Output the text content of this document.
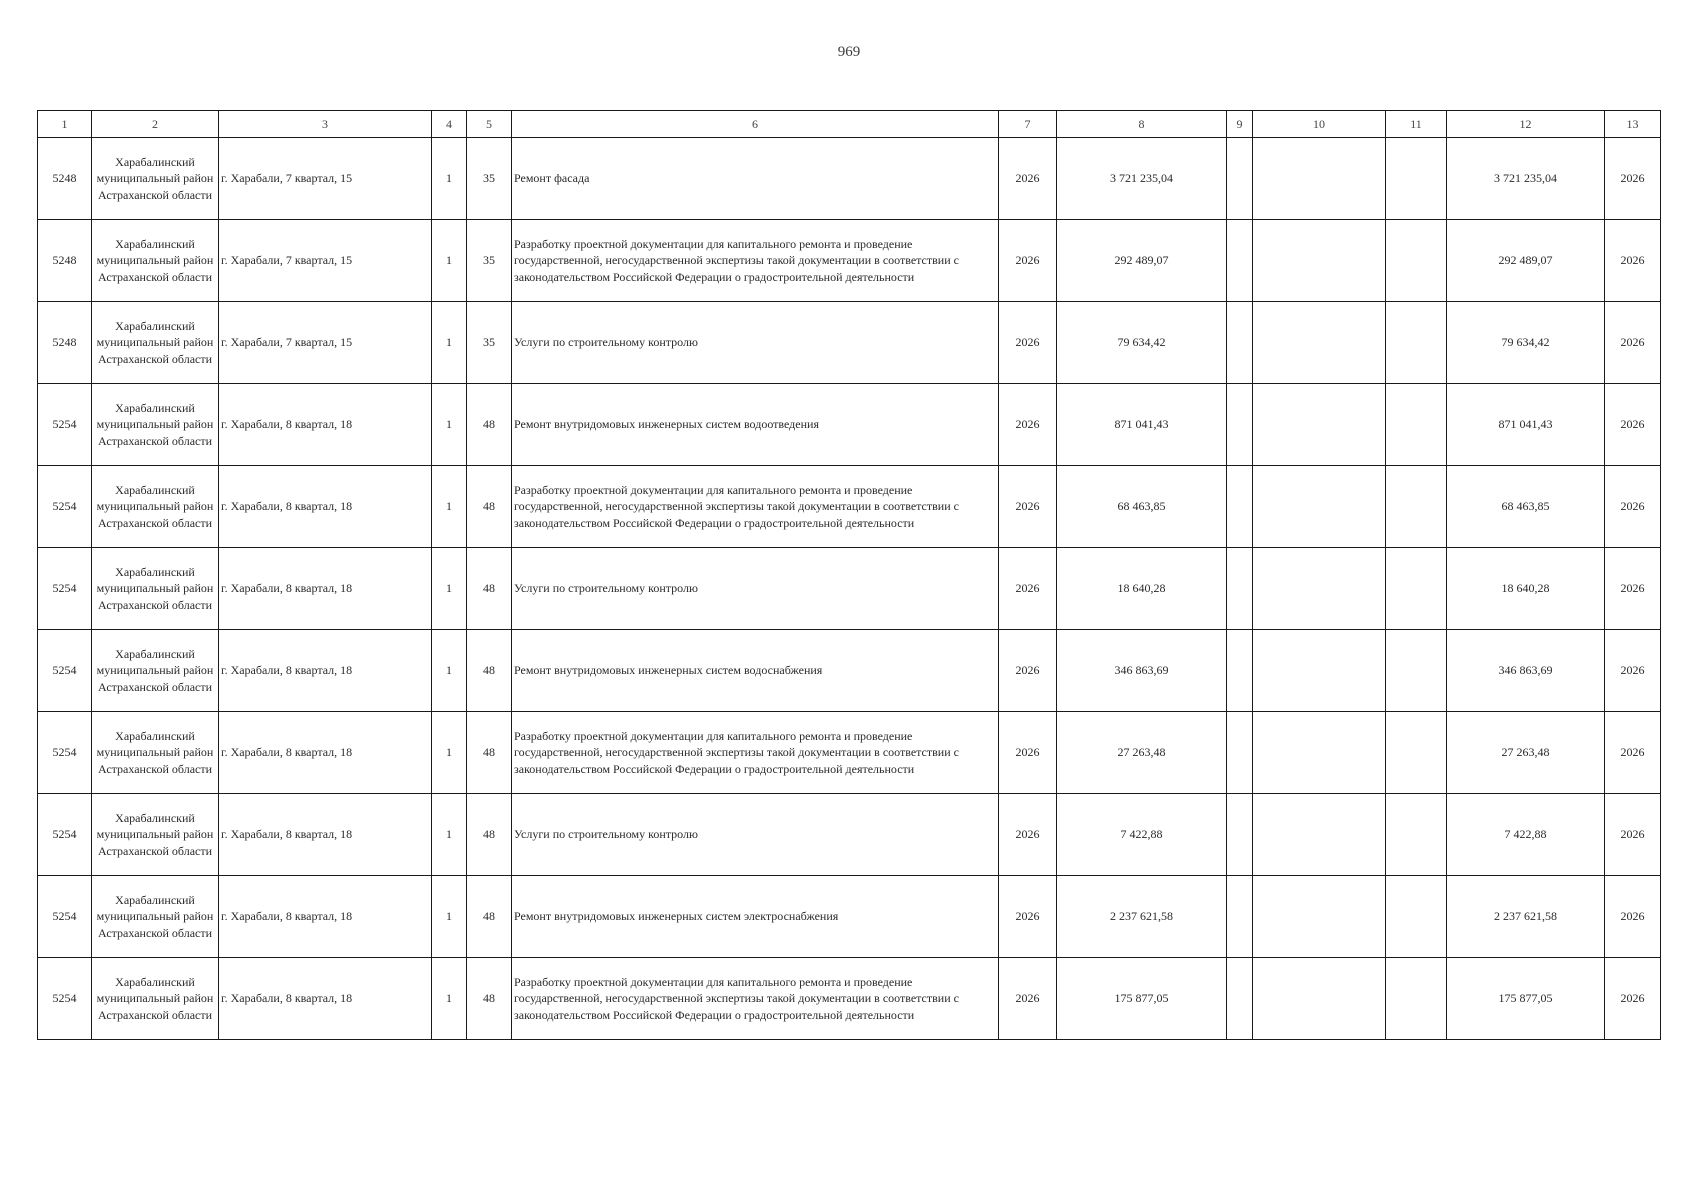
969
1	2	3	4	5	6	7	8	9	10	11	12	13
5248	Харабалинский муниципальный район Астраханской области	г. Харабали, 7 квартал, 15	1	35	Ремонт фасада	2026	3 721 235,04				3 721 235,04	2026
5248	Харабалинский муниципальный район Астраханской области	г. Харабали, 7 квартал, 15	1	35	Разработку проектной документации для капитального ремонта и проведение государственной, негосударственной экспертизы такой документации в соответствии с законодательством Российской Федерации о градостроительной деятельности	2026	292 489,07				292 489,07	2026
5248	Харабалинский муниципальный район Астраханской области	г. Харабали, 7 квартал, 15	1	35	Услуги по строительному контролю	2026	79 634,42				79 634,42	2026
5254	Харабалинский муниципальный район Астраханской области	г. Харабали, 8 квартал, 18	1	48	Ремонт внутридомовых инженерных систем водоотведения	2026	871 041,43				871 041,43	2026
5254	Харабалинский муниципальный район Астраханской области	г. Харабали, 8 квартал, 18	1	48	Разработку проектной документации для капитального ремонта и проведение государственной, негосударственной экспертизы такой документации в соответствии с законодательством Российской Федерации о градостроительной деятельности	2026	68 463,85				68 463,85	2026
5254	Харабалинский муниципальный район Астраханской области	г. Харабали, 8 квартал, 18	1	48	Услуги по строительному контролю	2026	18 640,28				18 640,28	2026
5254	Харабалинский муниципальный район Астраханской области	г. Харабали, 8 квартал, 18	1	48	Ремонт внутридомовых инженерных систем водоснабжения	2026	346 863,69				346 863,69	2026
5254	Харабалинский муниципальный район Астраханской области	г. Харабали, 8 квартал, 18	1	48	Разработку проектной документации для капитального ремонта и проведение государственной, негосударственной экспертизы такой документации в соответствии с законодательством Российской Федерации о градостроительной деятельности	2026	27 263,48				27 263,48	2026
5254	Харабалинский муниципальный район Астраханской области	г. Харабали, 8 квартал, 18	1	48	Услуги по строительному контролю	2026	7 422,88				7 422,88	2026
5254	Харабалинский муниципальный район Астраханской области	г. Харабали, 8 квартал, 18	1	48	Ремонт внутридомовых инженерных систем электроснабжения	2026	2 237 621,58				2 237 621,58	2026
5254	Харабалинский муниципальный район Астраханской области	г. Харабали, 8 квартал, 18	1	48	Разработку проектной документации для капитального ремонта и проведение государственной, негосударственной экспертизы такой документации в соответствии с законодательством Российской Федерации о градостроительной деятельности	2026	175 877,05				175 877,05	2026
